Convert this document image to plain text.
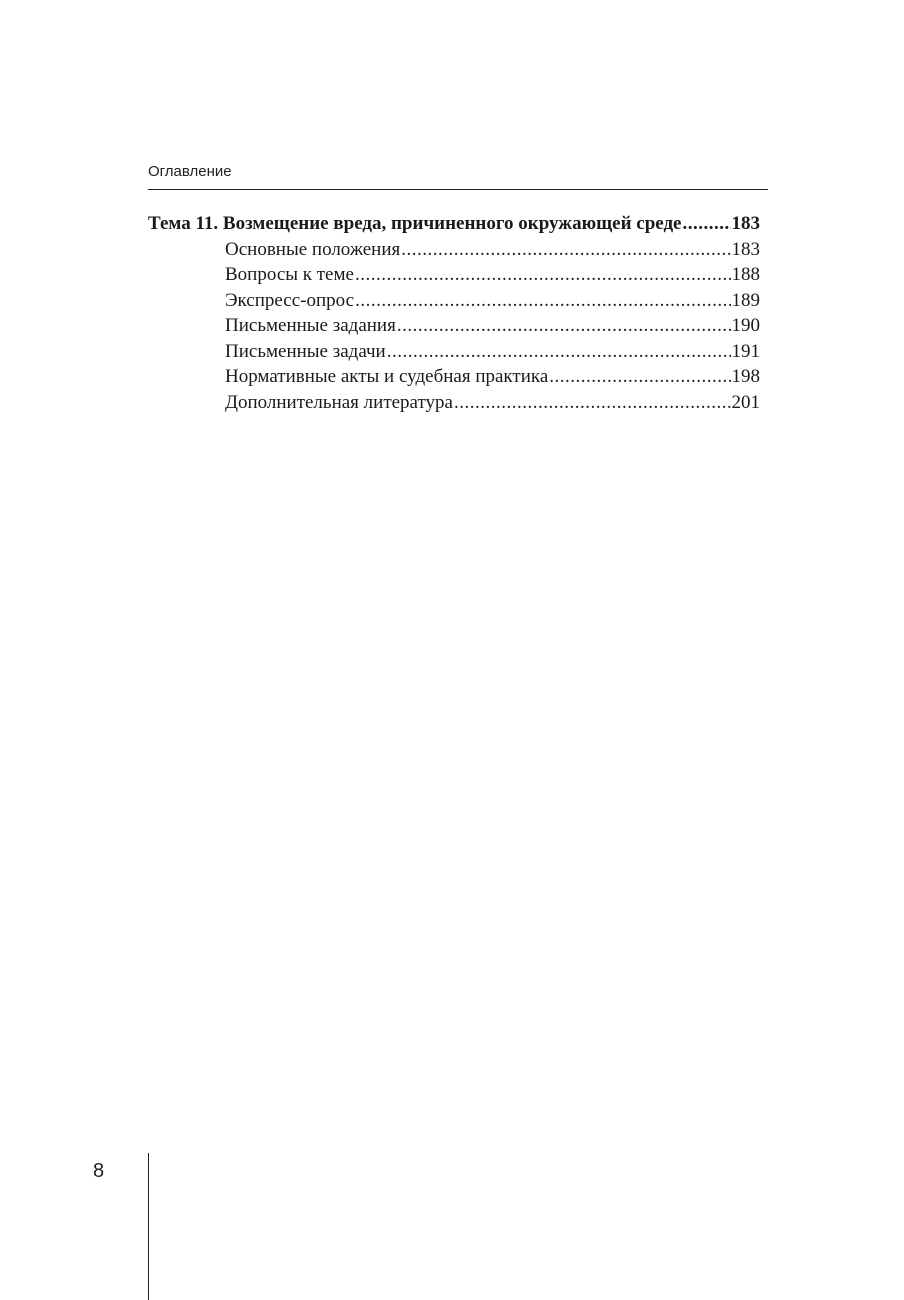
Оглавление
Тема 11. Возмещение вреда, причиненного окружающей среде .....	183
Основные положения .....	183
Вопросы к теме .....	188
Экспресс-опрос .....	189
Письменные задания .....	190
Письменные задачи .....	191
Нормативные акты и судебная практика .....	198
Дополнительная литература .....	201
8
